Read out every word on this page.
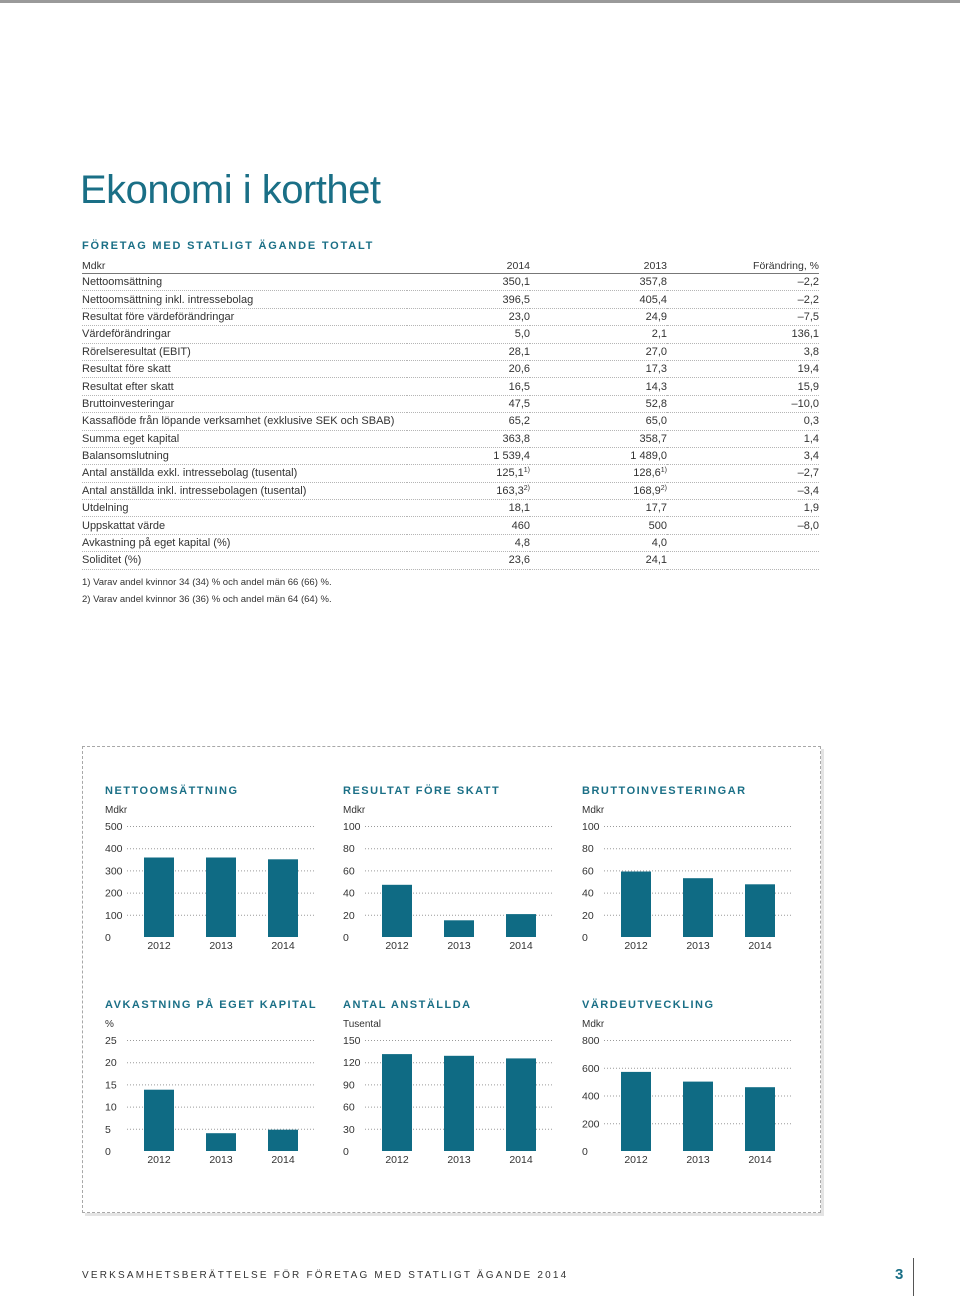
Ekonomi i korthet
FÖRETAG MED STATLIGT ÄGANDE TOTALT
Mdkr	2014	2013	Förändring, %
Nettoomsättning	350,1	357,8	–2,2
Nettoomsättning inkl. intressebolag	396,5	405,4	–2,2
Resultat före värdeförändringar	23,0	24,9	–7,5
Värdeförändringar	5,0	2,1	136,1
Rörelseresultat (EBIT)	28,1	27,0	3,8
Resultat före skatt	20,6	17,3	19,4
Resultat efter skatt	16,5	14,3	15,9
Bruttoinvesteringar	47,5	52,8	–10,0
Kassaflöde från löpande verksamhet (exklusive SEK och SBAB)	65,2	65,0	0,3
Summa eget kapital	363,8	358,7	1,4
Balansomslutning	1 539,4	1 489,0	3,4
Antal anställda exkl. intressebolag (tusental)	125,1$^{1)}$	128,6$^{1)}$	–2,7
Antal anställda inkl. intressebolagen (tusental)	163,3$^{2)}$	168,9$^{2)}$	–3,4
Utdelning	18,1	17,7	1,9
Uppskattat värde	460	500	–8,0
Avkastning på eget kapital (%)	4,8	4,0	
Soliditet (%)	23,6	24,1	
1) Varav andel kvinnor 34 (34) % och andel män 66 (66) %.
2) Varav andel kvinnor 36 (36) % och andel män 64 (64) %.
NETTOOMSÄTTNING
Mdkr
0
100
200
300
400
500
2012	2013	2014
RESULTAT FÖRE SKATT
Mdkr
0
20
40
60
80
100
2012	2013	2014
BRUTTOINVESTERINGAR
Mdkr
0
20
40
60
80
100
2012	2013	2014
AVKASTNING PÅ EGET KAPITAL
%
0
5
10
15
20
25
2012	2013	2014
ANTAL ANSTÄLLDA
Tusental
0
30
60
90
120
150
2012	2013	2014
VÄRDEUTVECKLING
Mdkr
0
200
400
600
800
2012	2013	2014
VERKSAMHETSBERÄTTELSE FÖR FÖRETAG MED STATLIGT ÄGANDE 2014	3
